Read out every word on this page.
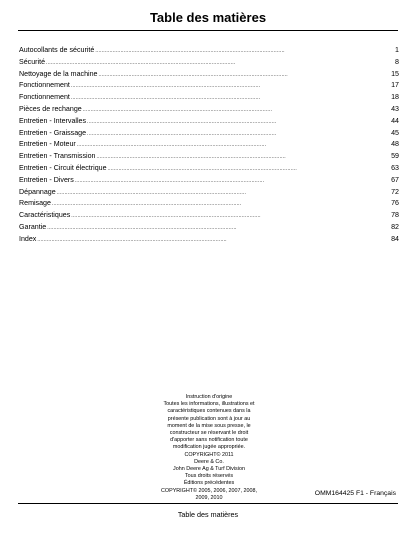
Table des matières
Autocollants de sécurité . . .	1
Sécurité . . .	8
Nettoyage de la machine . . .	15
Fonctionnement . . .	17
Fonctionnement . . .	18
Pièces de rechange . . .	43
Entretien - Intervalles . . .	44
Entretien - Graissage . . .	45
Entretien - Moteur . . .	48
Entretien - Transmission . . .	59
Entretien - Circuit électrique . . .	63
Entretien - Divers . . .	67
Dépannage . . .	72
Remisage . . .	76
Caractéristiques . . .	78
Garantie . . .	82
Index . . .	84
Instruction d'origine
Toutes les informations, illustrations et
caractéristiques contenues dans la
présente publication sont à jour au
moment de la mise sous presse, le
constructeur se réservant le droit
d'apporter sans notification toute
modification jugée appropriée.
COPYRIGHT© 2011
Deere & Co.
John Deere Ag & Turf Division
Tous droits réservés
Éditions précédentes
COPYRIGHT© 2005, 2006, 2007, 2008,
2009, 2010
OMM164425 F1 - Français
Table des matières
